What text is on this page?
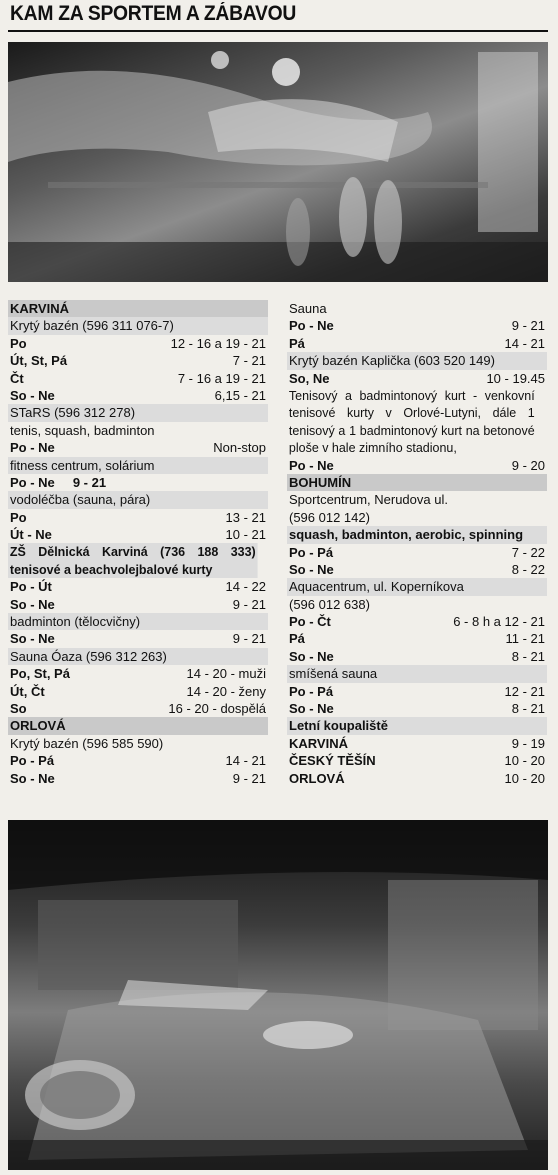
KAM ZA SPORTEM A ZÁBAVOU
KARVINÁ
Krytý bazén (596 311 076-7)
Po	12 - 16 a 19 - 21
Út, St, Pá	7 - 21
Čt	7 - 16 a 19 - 21
So - Ne	6,15 - 21
STaRS (596 312 278)
tenis, squash, badminton
Po - Ne	Non-stop
fitness centrum, solárium
Po - Ne     9 - 21
vodoléčba (sauna, pára)
Po	13 - 21
Út - Ne	10 - 21
ZŠ Dělnická Karviná (736 188 333) tenisové a beachvolejbalové kurty
Po - Út	14 - 22
So - Ne	9 - 21
badminton (tělocvičny)
So - Ne	9 - 21
Sauna Óaza (596 312 263)
Po, St, Pá	14 - 20 - muži
Út, Čt	14 - 20 - ženy
So	16 - 20 - dospělá
ORLOVÁ
Krytý bazén (596 585 590)
Po - Pá	14 - 21
So - Ne	9 - 21
Sauna
Po - Ne	9 - 21
Pá	14 - 21
Krytý bazén Kaplička (603 520 149)
So, Ne	10 - 19.45
Tenisový a badmintonový kurt - venkovní tenisové kurty v Orlové-Lutyni, dále 1 tenisový a 1 badmintonový kurt na betonové ploše v hale zimního stadionu,
Po - Ne	9 - 20
BOHUMÍN
Sportcentrum, Nerudova ul.
(596 012 142)
squash, badminton, aerobic, spinning
Po - Pá	7 - 22
So - Ne	8 - 22
Aquacentrum, ul. Koperníkova
(596 012 638)
Po - Čt	6 - 8 h a 12 - 21
Pá	11 - 21
So - Ne	8 - 21
smíšená sauna
Po - Pá	12 - 21
So - Ne	8 - 21
Letní koupaliště
KARVINÁ	9 - 19
ČESKÝ TĚŠÍN	10 - 20
ORLOVÁ	10 - 20
